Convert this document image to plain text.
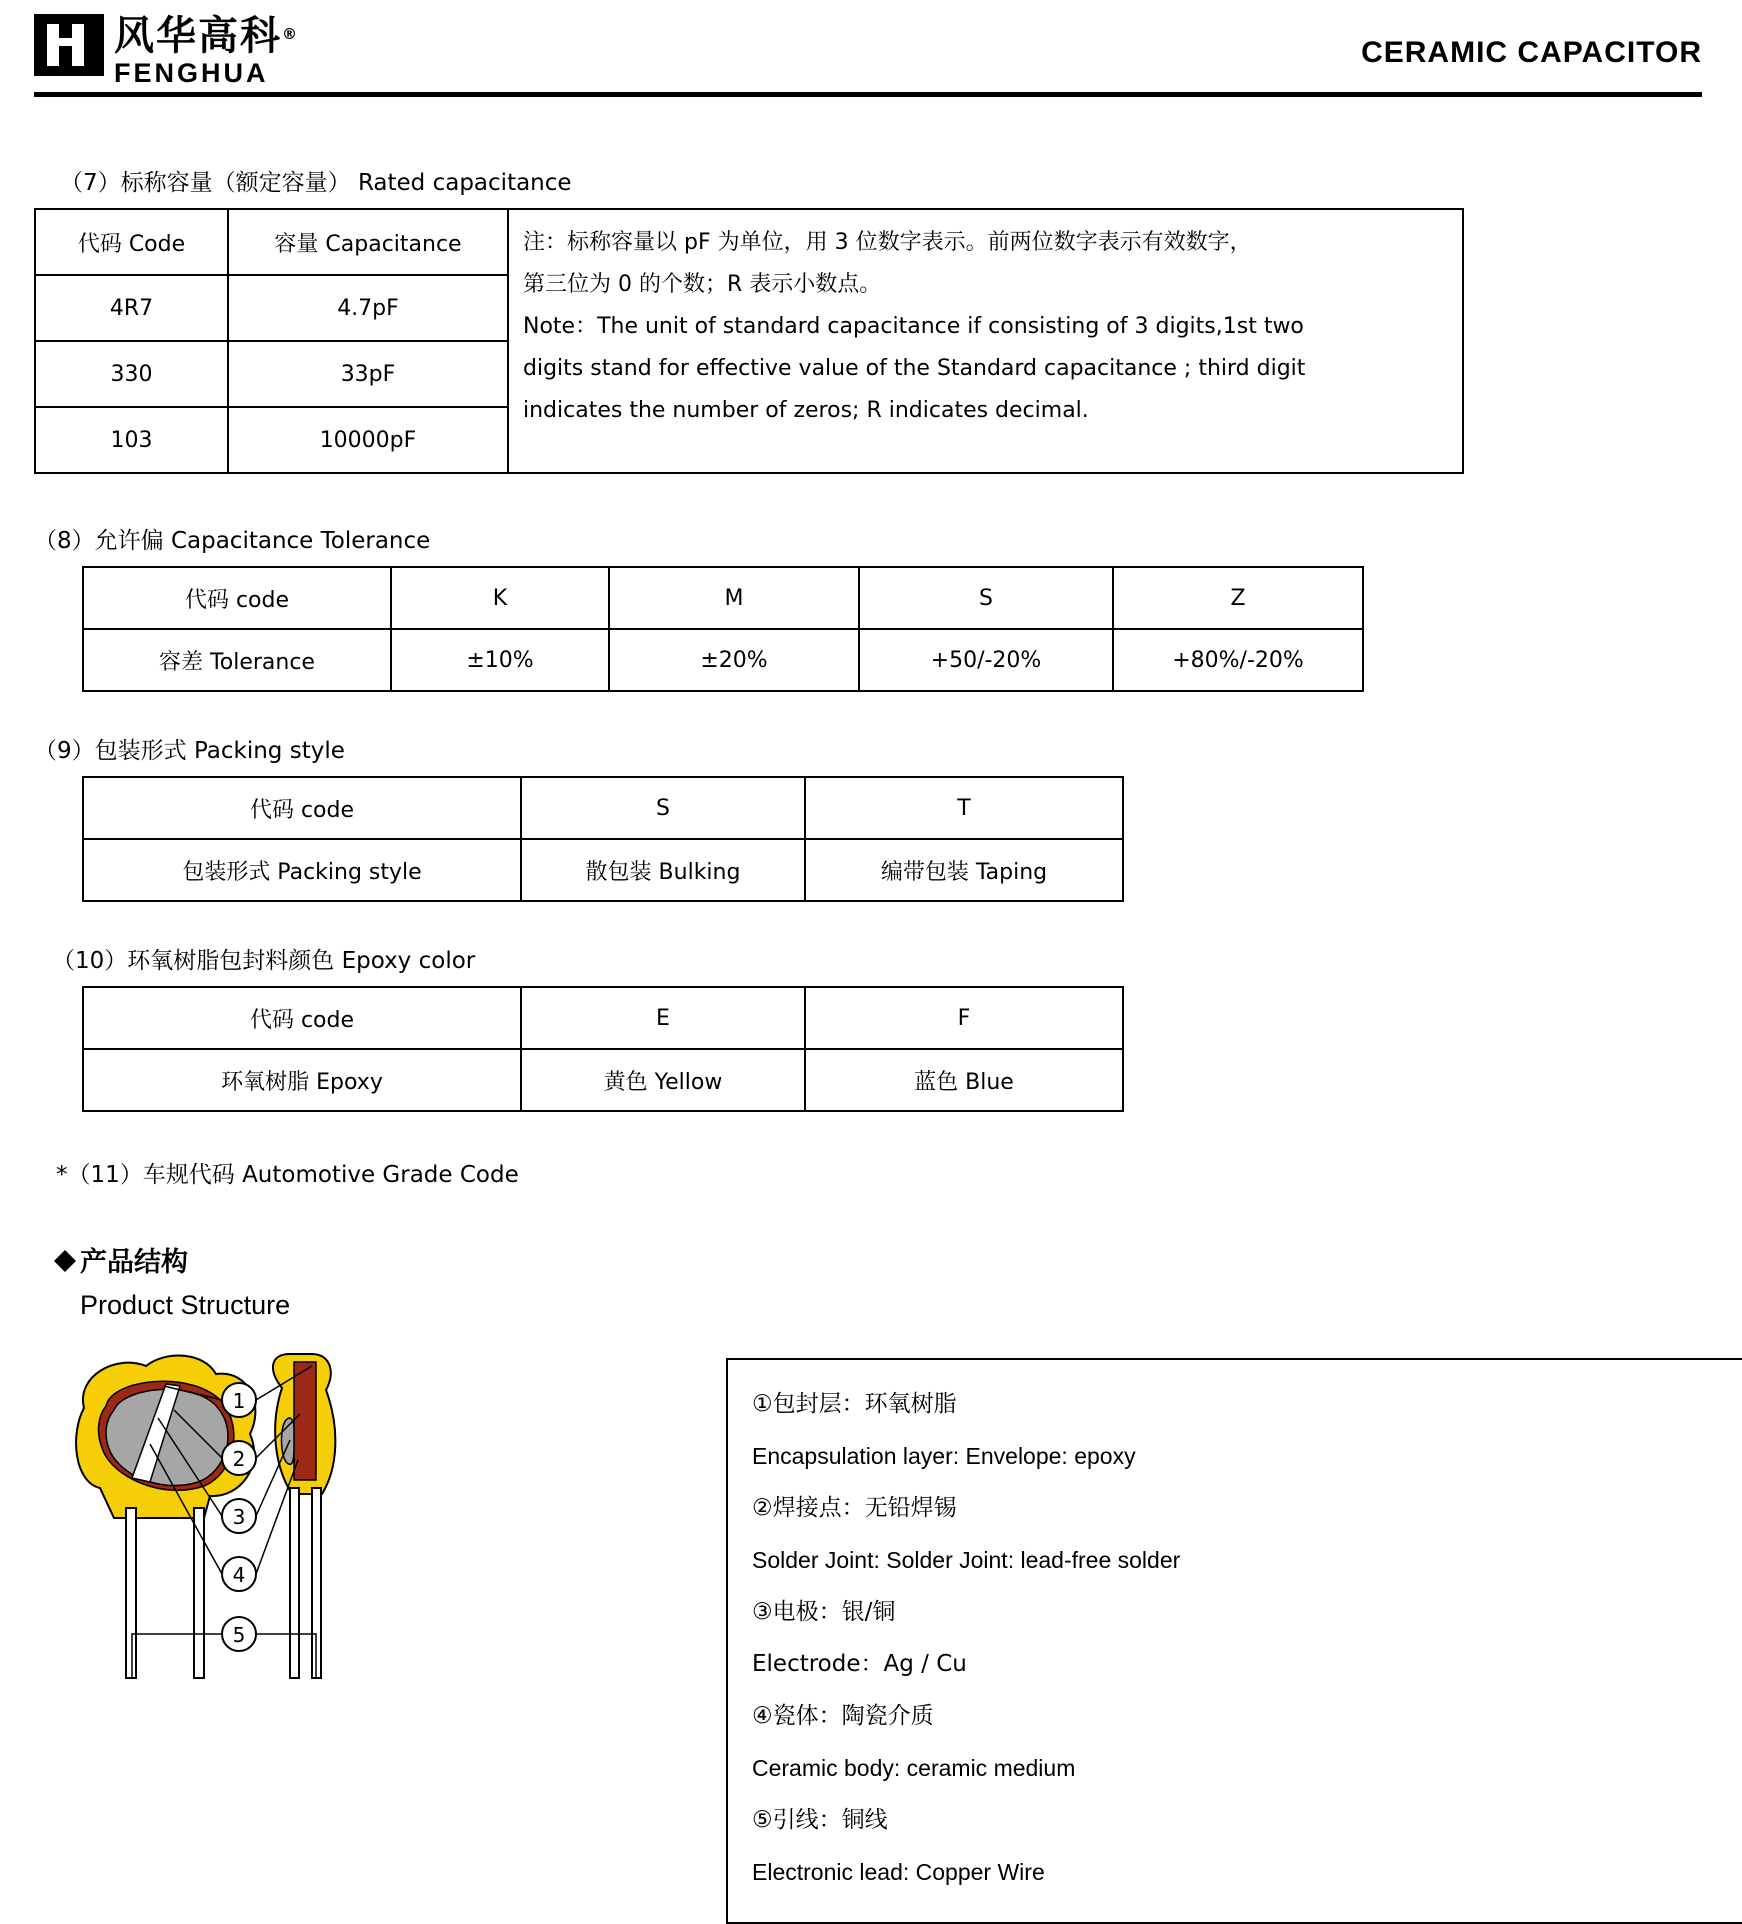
风华高科®
FENGHUA
CERAMIC CAPACITOR
（7）标称容量（额定容量） Rated capacitance
代码 Code	容量 Capacitance	注：标称容量以 pF 为单位，用 3 位数字表示。前两位数字表示有效数字，
第三位为 0 的个数；R 表示小数点。
Note：The unit of standard capacitance if consisting of 3 digits,1st two
digits stand for effective value of the Standard capacitance ; third digit
indicates the number of zeros; R indicates decimal.

4R7	4.7pF	
330	33pF	
103	10000pF	
（8）允许偏 Capacitance Tolerance
代码 code	K	M	S	Z
容差 Tolerance	±10%	±20%	+50/-20%	+80%/-20%
（9）包装形式 Packing style
代码 code	S	T
包装形式 Packing style	散包装 Bulking	编带包装 Taping
（10）环氧树脂包封料颜色 Epoxy color
代码 code	E	F
环氧树脂 Epoxy	黄色 Yellow	蓝色 Blue
*（11）车规代码 Automotive Grade Code
产品结构
Product Structure
1
2
3
4
5
①包封层：环氧树脂
Encapsulation layer: Envelope: epoxy
②焊接点：无铅焊锡
Solder Joint: Solder Joint: lead-free solder
③电极：银/铜
Electrode：Ag / Cu
④瓷体：陶瓷介质
Ceramic body: ceramic medium
⑤引线：铜线
Electronic lead: Copper Wire
